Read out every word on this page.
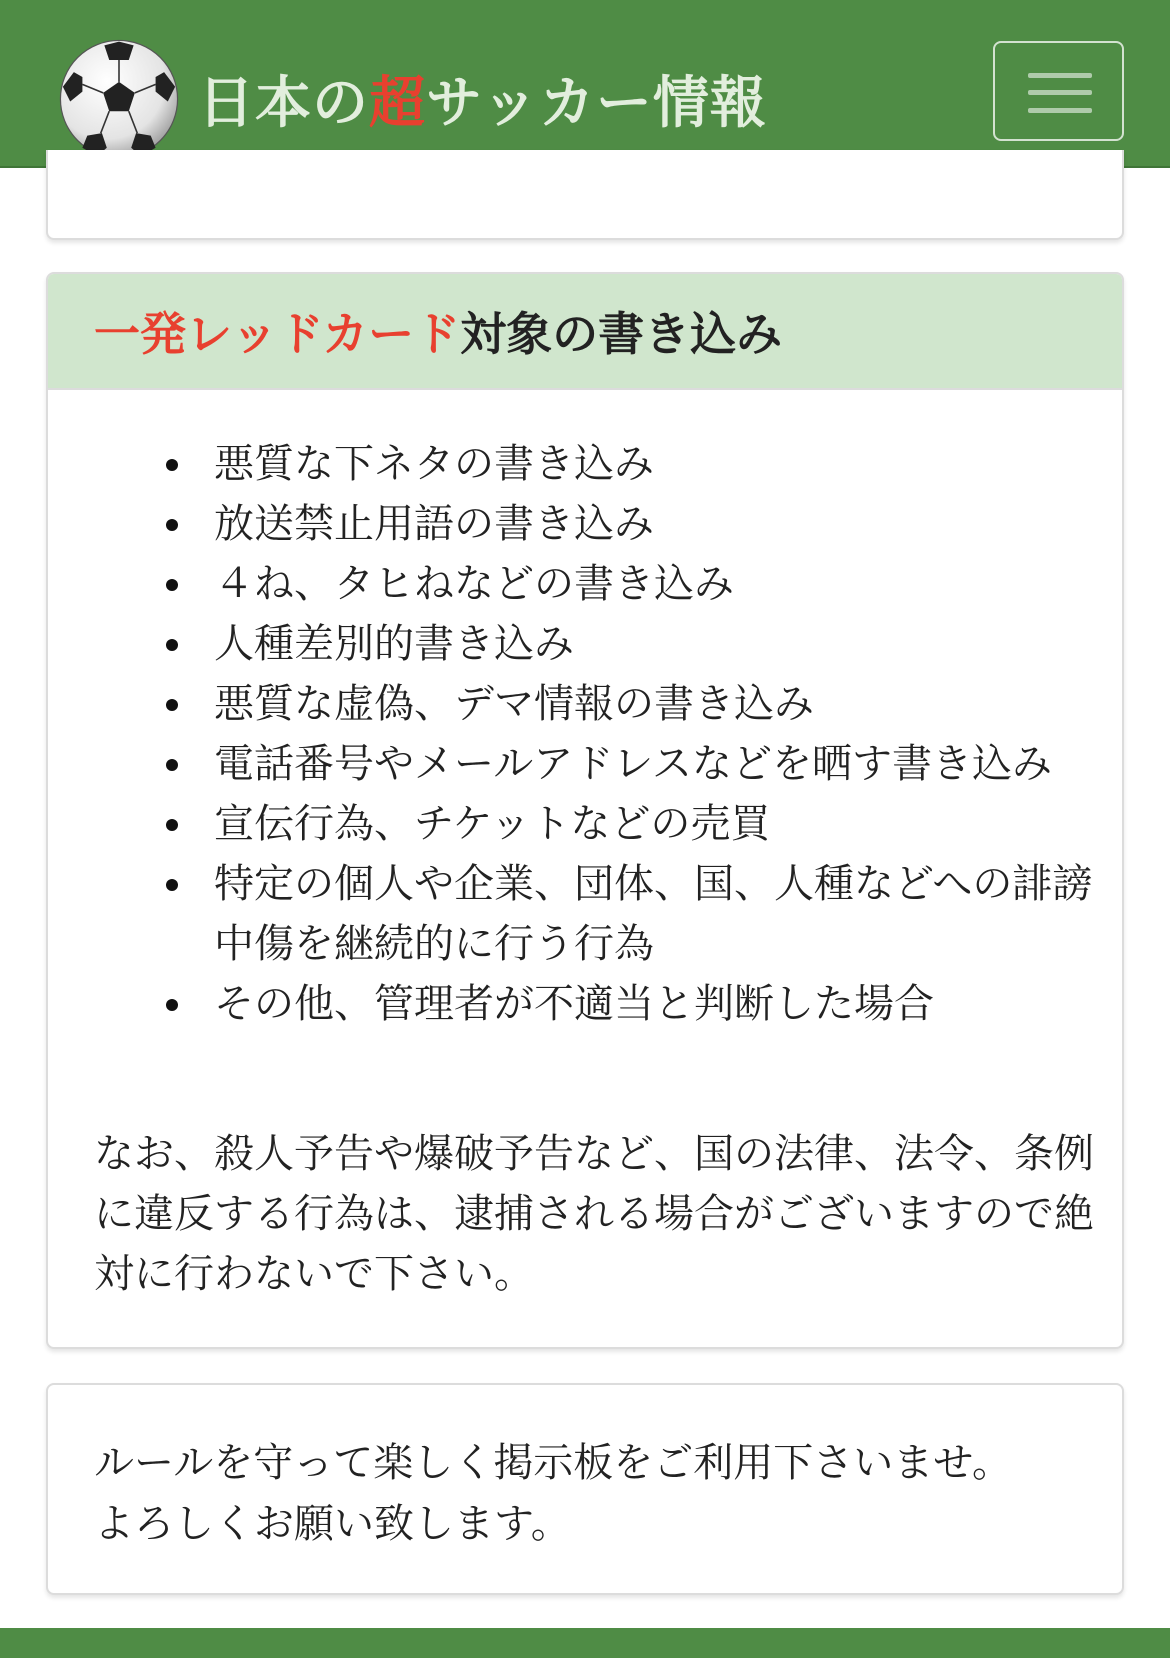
日本の超サッカー情報
一発レッドカード 対象の書き込み
悪質な下ネタの書き込み
放送禁止用語の書き込み
４ね、タヒねなどの書き込み
人種差別的書き込み
悪質な虚偽、デマ情報の書き込み
電話番号やメールアドレスなどを晒す書き込み
宣伝行為、チケットなどの売買
特定の個人や企業、団体、国、人種などへの誹謗中傷を継続的に行う行為
その他、管理者が不適当と判断した場合

なお、殺人予告や爆破予告など、国の法律、法令、条例に違反する行為は、逮捕される場合がございますので絶対に行わないで下さい。

ルールを守って楽しく掲示板をご利用下さいませ。
よろしくお願い致します。
